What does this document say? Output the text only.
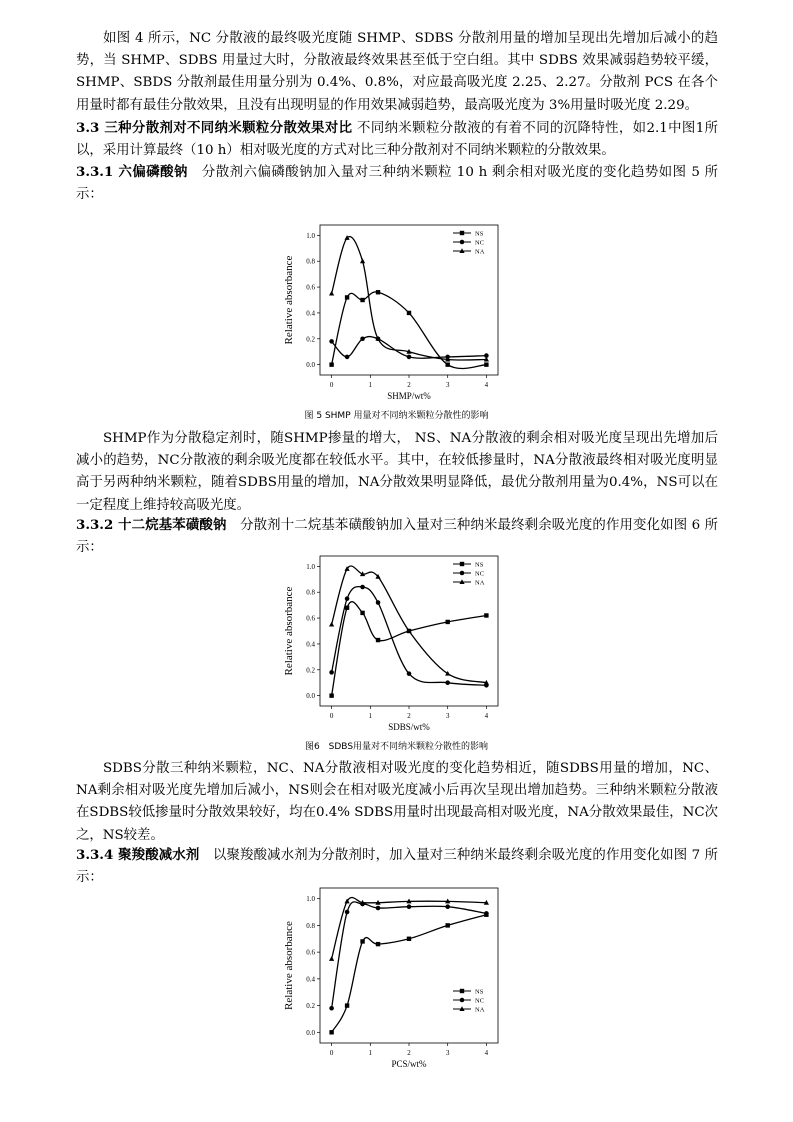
如图 4 所示，NC 分散液的最终吸光度随 SHMP、SDBS 分散剂用量的增加呈现出先增加后减小的趋势，当 SHMP、SDBS 用量过大时，分散液最终效果甚至低于空白组。其中 SDBS 效果减弱趋势较平缓，SHMP、SBDS 分散剂最佳用量分别为 0.4%、0.8%，对应最高吸光度 2.25、2.27。分散剂 PCS 在各个用量时都有最佳分散效果，且没有出现明显的作用效果减弱趋势，最高吸光度为 3%用量时吸光度 2.29。

3.3 三种分散剂对不同纳米颗粒分散效果对比 不同纳米颗粒分散液的有着不同的沉降特性，如2.1中图1所以，采用计算最终（10 h）相对吸光度的方式对比三种分散剂对不同纳米颗粒的分散效果。

3.3.1 六偏磷酸钠　分散剂六偏磷酸钠加入量对三种纳米颗粒 10 h 剩余相对吸光度的变化趋势如图 5 所示：

0	1	2	3	4
0.0
0.2
0.4
0.6
0.8
1.0
SHMP/wt%
Relative absorbance
NS
NC
NA
图 5 SHMP 用量对不同纳米颗粒分散性的影响

SHMP作为分散稳定剂时，随SHMP掺量的增大， NS、NA分散液的剩余相对吸光度呈现出先增加后减小的趋势，NC分散液的剩余吸光度都在较低水平。其中，在较低掺量时，NA分散液最终相对吸光度明显高于另两种纳米颗粒，随着SDBS用量的增加，NA分散效果明显降低，最优分散剂用量为0.4%，NS可以在一定程度上维持较高吸光度。

3.3.2 十二烷基苯磺酸钠　分散剂十二烷基苯磺酸钠加入量对三种纳米最终剩余吸光度的作用变化如图 6 所示：

0	1	2	3	4
0.0
0.2
0.4
0.6
0.8
1.0
SDBS/wt%
Relative absorbance
NS
NC
NA
图6　SDBS用量对不同纳米颗粒分散性的影响

SDBS分散三种纳米颗粒，NC、NA分散液相对吸光度的变化趋势相近，随SDBS用量的增加，NC、NA剩余相对吸光度先增加后减小，NS则会在相对吸光度减小后再次呈现出增加趋势。三种纳米颗粒分散液在SDBS较低掺量时分散效果较好，均在0.4% SDBS用量时出现最高相对吸光度，NA分散效果最佳，NC次之，NS较差。

3.3.4 聚羧酸减水剂　以聚羧酸减水剂为分散剂时，加入量对三种纳米最终剩余吸光度的作用变化如图 7 所示：

0	1	2	3	4
0.0
0.2
0.4
0.6
0.8
1.0
PCS/wt%
Relative absorbance	NS
NC
NA
